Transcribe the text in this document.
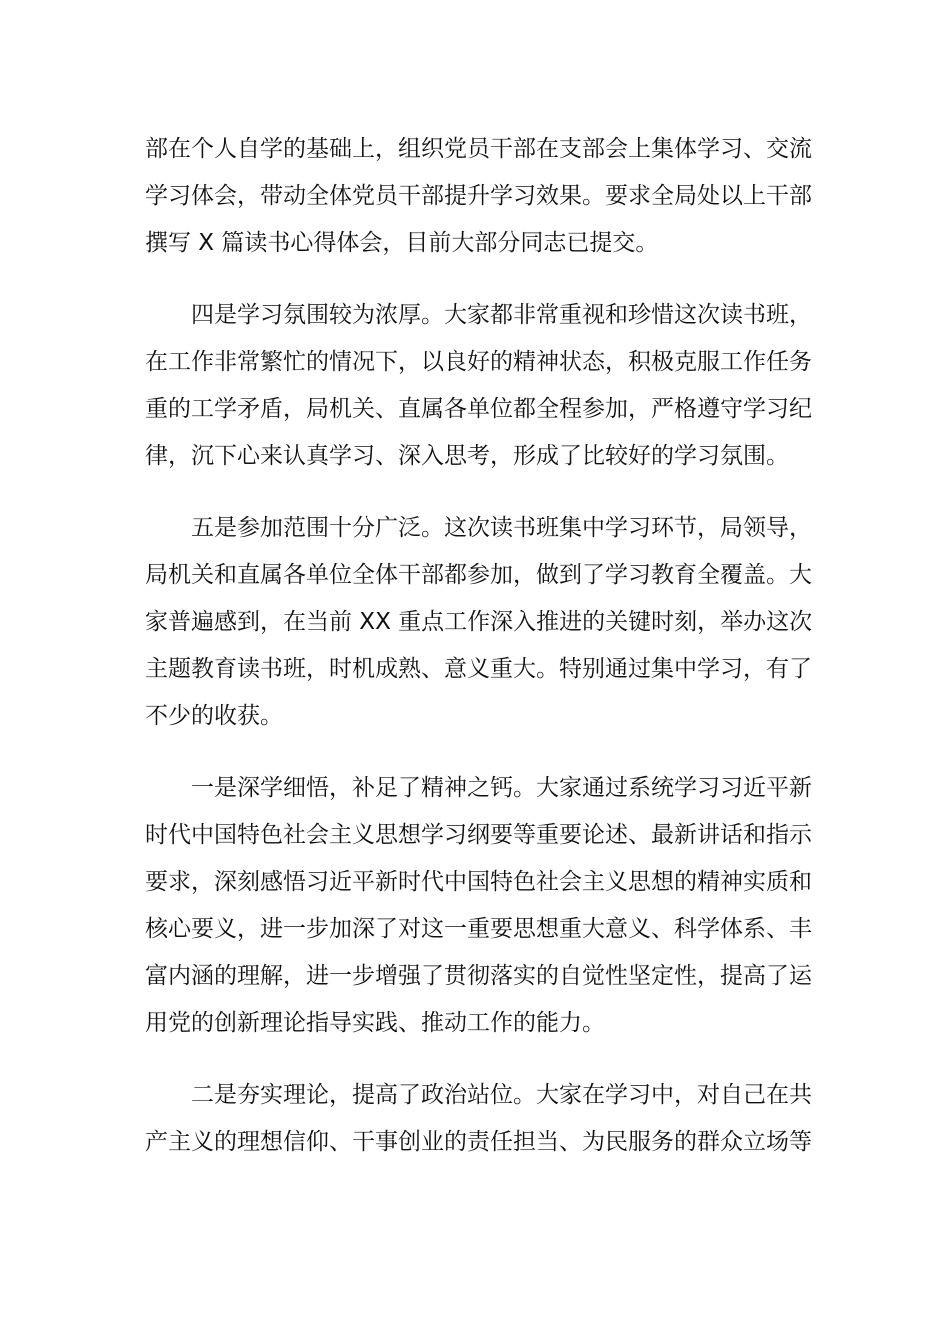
部在个人自学的基础上，组织党员干部在支部会上集体学习、交流
学习体会，带动全体党员干部提升学习效果。要求全局处以上干部
撰写 X 篇读书心得体会，目前大部分同志已提交。
四是学习氛围较为浓厚。大家都非常重视和珍惜这次读书班，
在工作非常繁忙的情况下，以良好的精神状态，积极克服工作任务
重的工学矛盾，局机关、直属各单位都全程参加，严格遵守学习纪
律，沉下心来认真学习、深入思考，形成了比较好的学习氛围。
五是参加范围十分广泛。这次读书班集中学习环节，局领导，
局机关和直属各单位全体干部都参加，做到了学习教育全覆盖。大
家普遍感到，在当前 XX 重点工作深入推进的关键时刻，举办这次
主题教育读书班，时机成熟、意义重大。特别通过集中学习，有了
不少的收获。
一是深学细悟，补足了精神之钙。大家通过系统学习习近平新
时代中国特色社会主义思想学习纲要等重要论述、最新讲话和指示
要求，深刻感悟习近平新时代中国特色社会主义思想的精神实质和
核心要义，进一步加深了对这一重要思想重大意义、科学体系、丰
富内涵的理解，进一步增强了贯彻落实的自觉性坚定性，提高了运
用党的创新理论指导实践、推动工作的能力。
二是夯实理论，提高了政治站位。大家在学习中，对自己在共
产主义的理想信仰、干事创业的责任担当、为民服务的群众立场等
